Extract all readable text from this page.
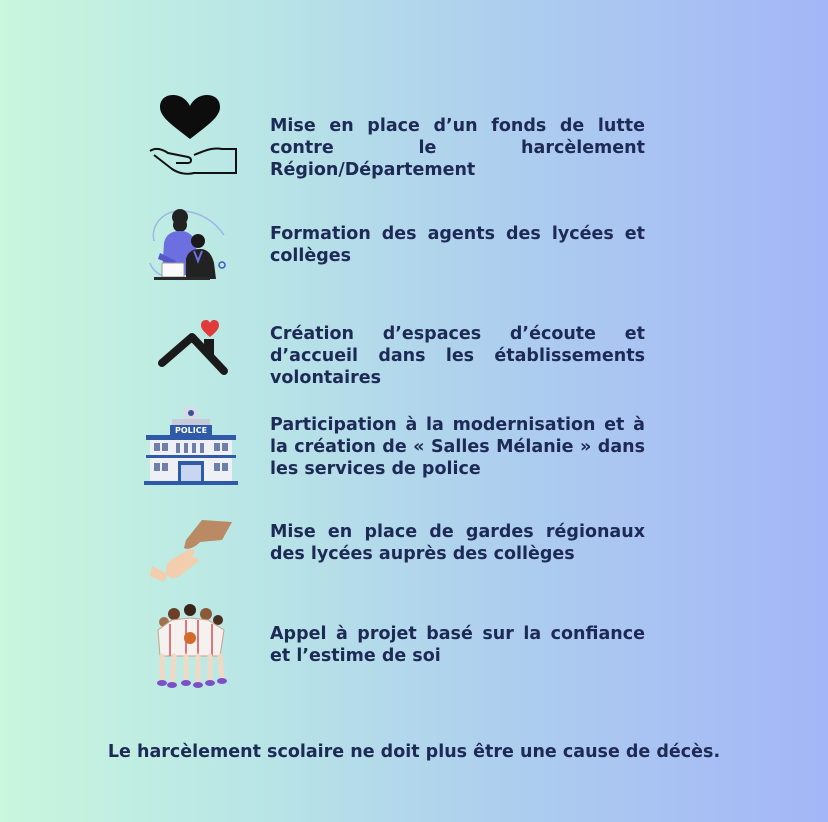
Mise en place d’un fonds de lutte contre le harcèlement Région/Département
Formation des agents des lycées et collèges
Création d’espaces d’écoute et d’accueil dans les établissements volontaires
POLICE	Participation à la modernisation et à la création de « Salles Mélanie » dans les services de police
Mise en place de gardes régionaux des lycées auprès des collèges
Appel à projet basé sur la confiance et l’estime de soi
Le harcèlement scolaire ne doit plus être une cause de décès.
